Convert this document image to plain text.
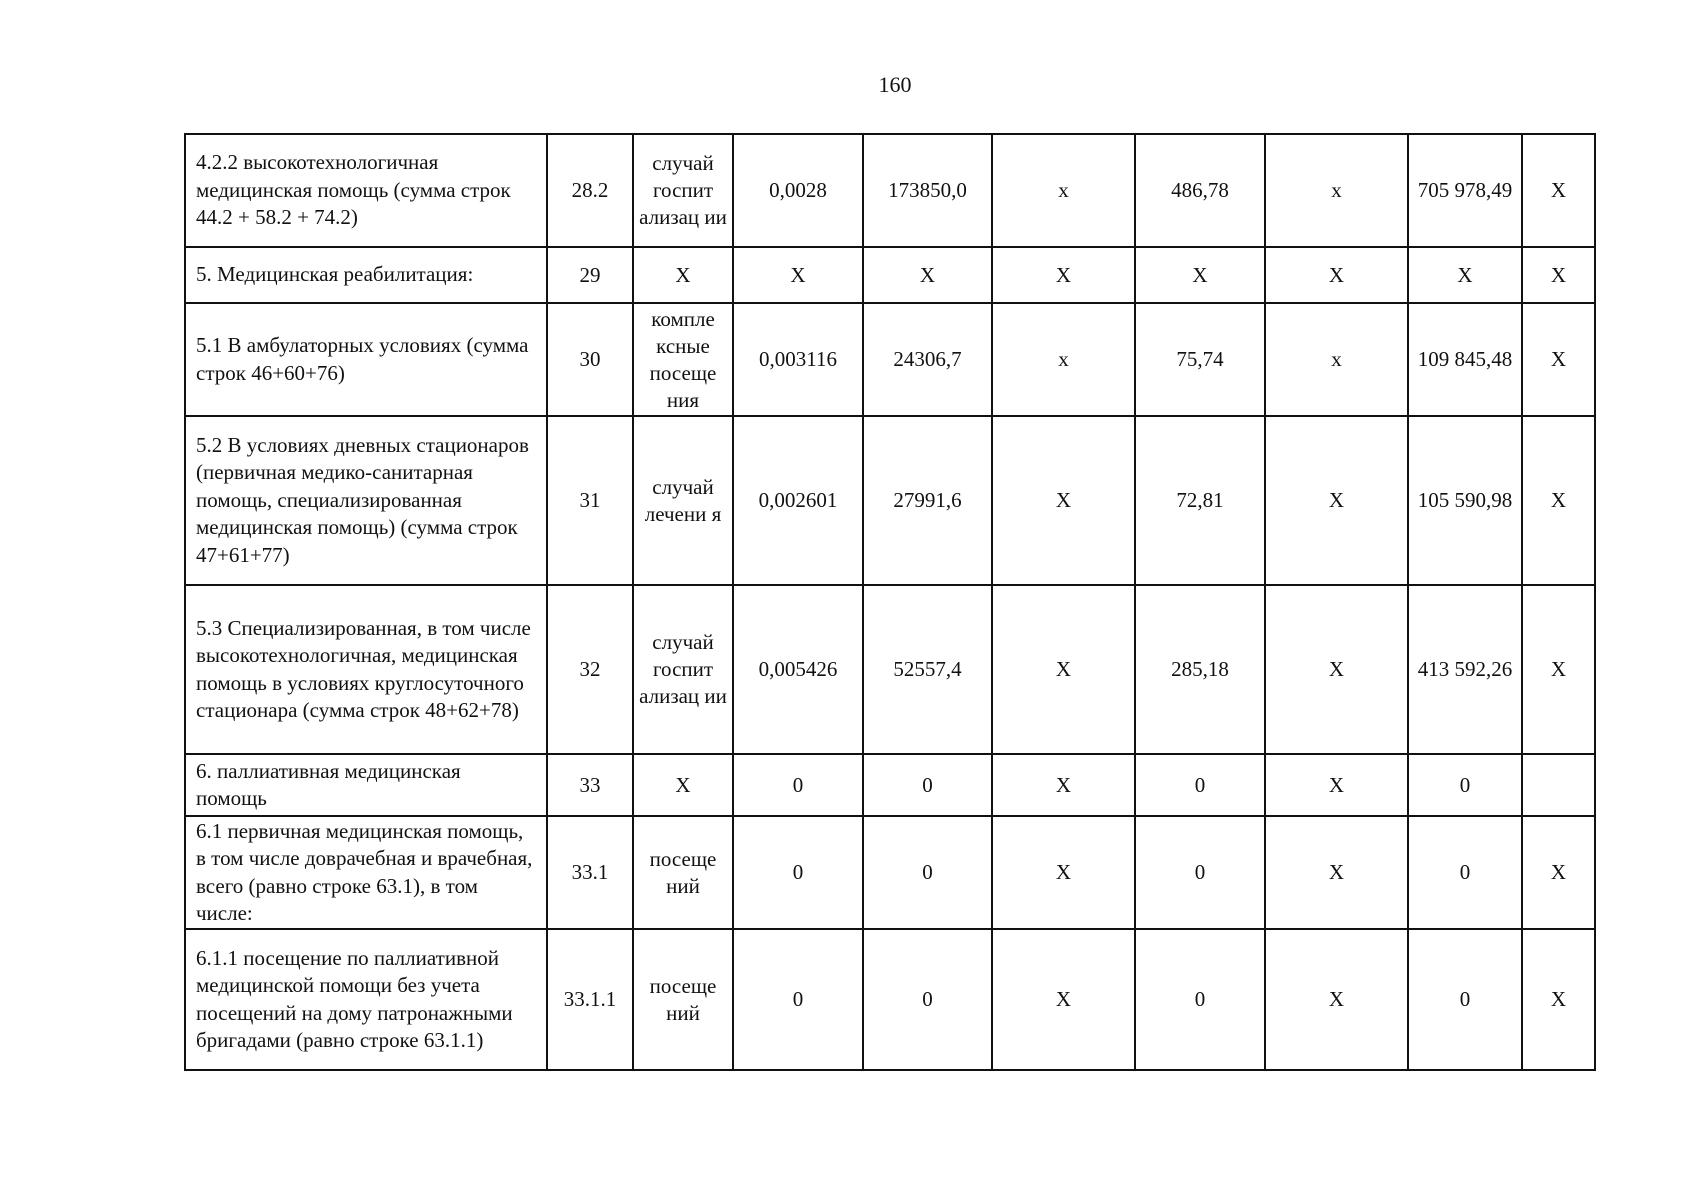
160
4.2.2 высокотехнологичная медицинская помощь (сумма строк 44.2 + 58.2 + 74.2)	28.2	случай госпит ализац ии	0,0028	173850,0	x	486,78	x	705 978,49	X
5. Медицинская реабилитация:	29	X	X	X	X	X	X	X	X
5.1 В амбулаторных условиях (сумма строк 46+60+76)	30	компле ксные посеще ния	0,003116	24306,7	x	75,74	x	109 845,48	X
5.2 В условиях дневных стационаров (первичная медико-санитарная помощь, специализированная медицинская помощь) (сумма строк 47+61+77)	31	случай лечени я	0,002601	27991,6	X	72,81	X	105 590,98	X
5.3 Специализированная, в том числе высокотехнологичная, медицинская помощь в условиях круглосуточного стационара (сумма строк 48+62+78)	32	случай госпит ализац ии	0,005426	52557,4	X	285,18	X	413 592,26	X
6. паллиативная медицинская помощь	33	X	0	0	X	0	X	0	
6.1 первичная медицинская помощь, в том числе доврачебная и врачебная, всего (равно строке 63.1), в том числе:	33.1	посеще ний	0	0	X	0	X	0	X
6.1.1 посещение по паллиативной медицинской помощи без учета посещений на дому патронажными бригадами (равно строке 63.1.1)	33.1.1	посеще ний	0	0	X	0	X	0	X
